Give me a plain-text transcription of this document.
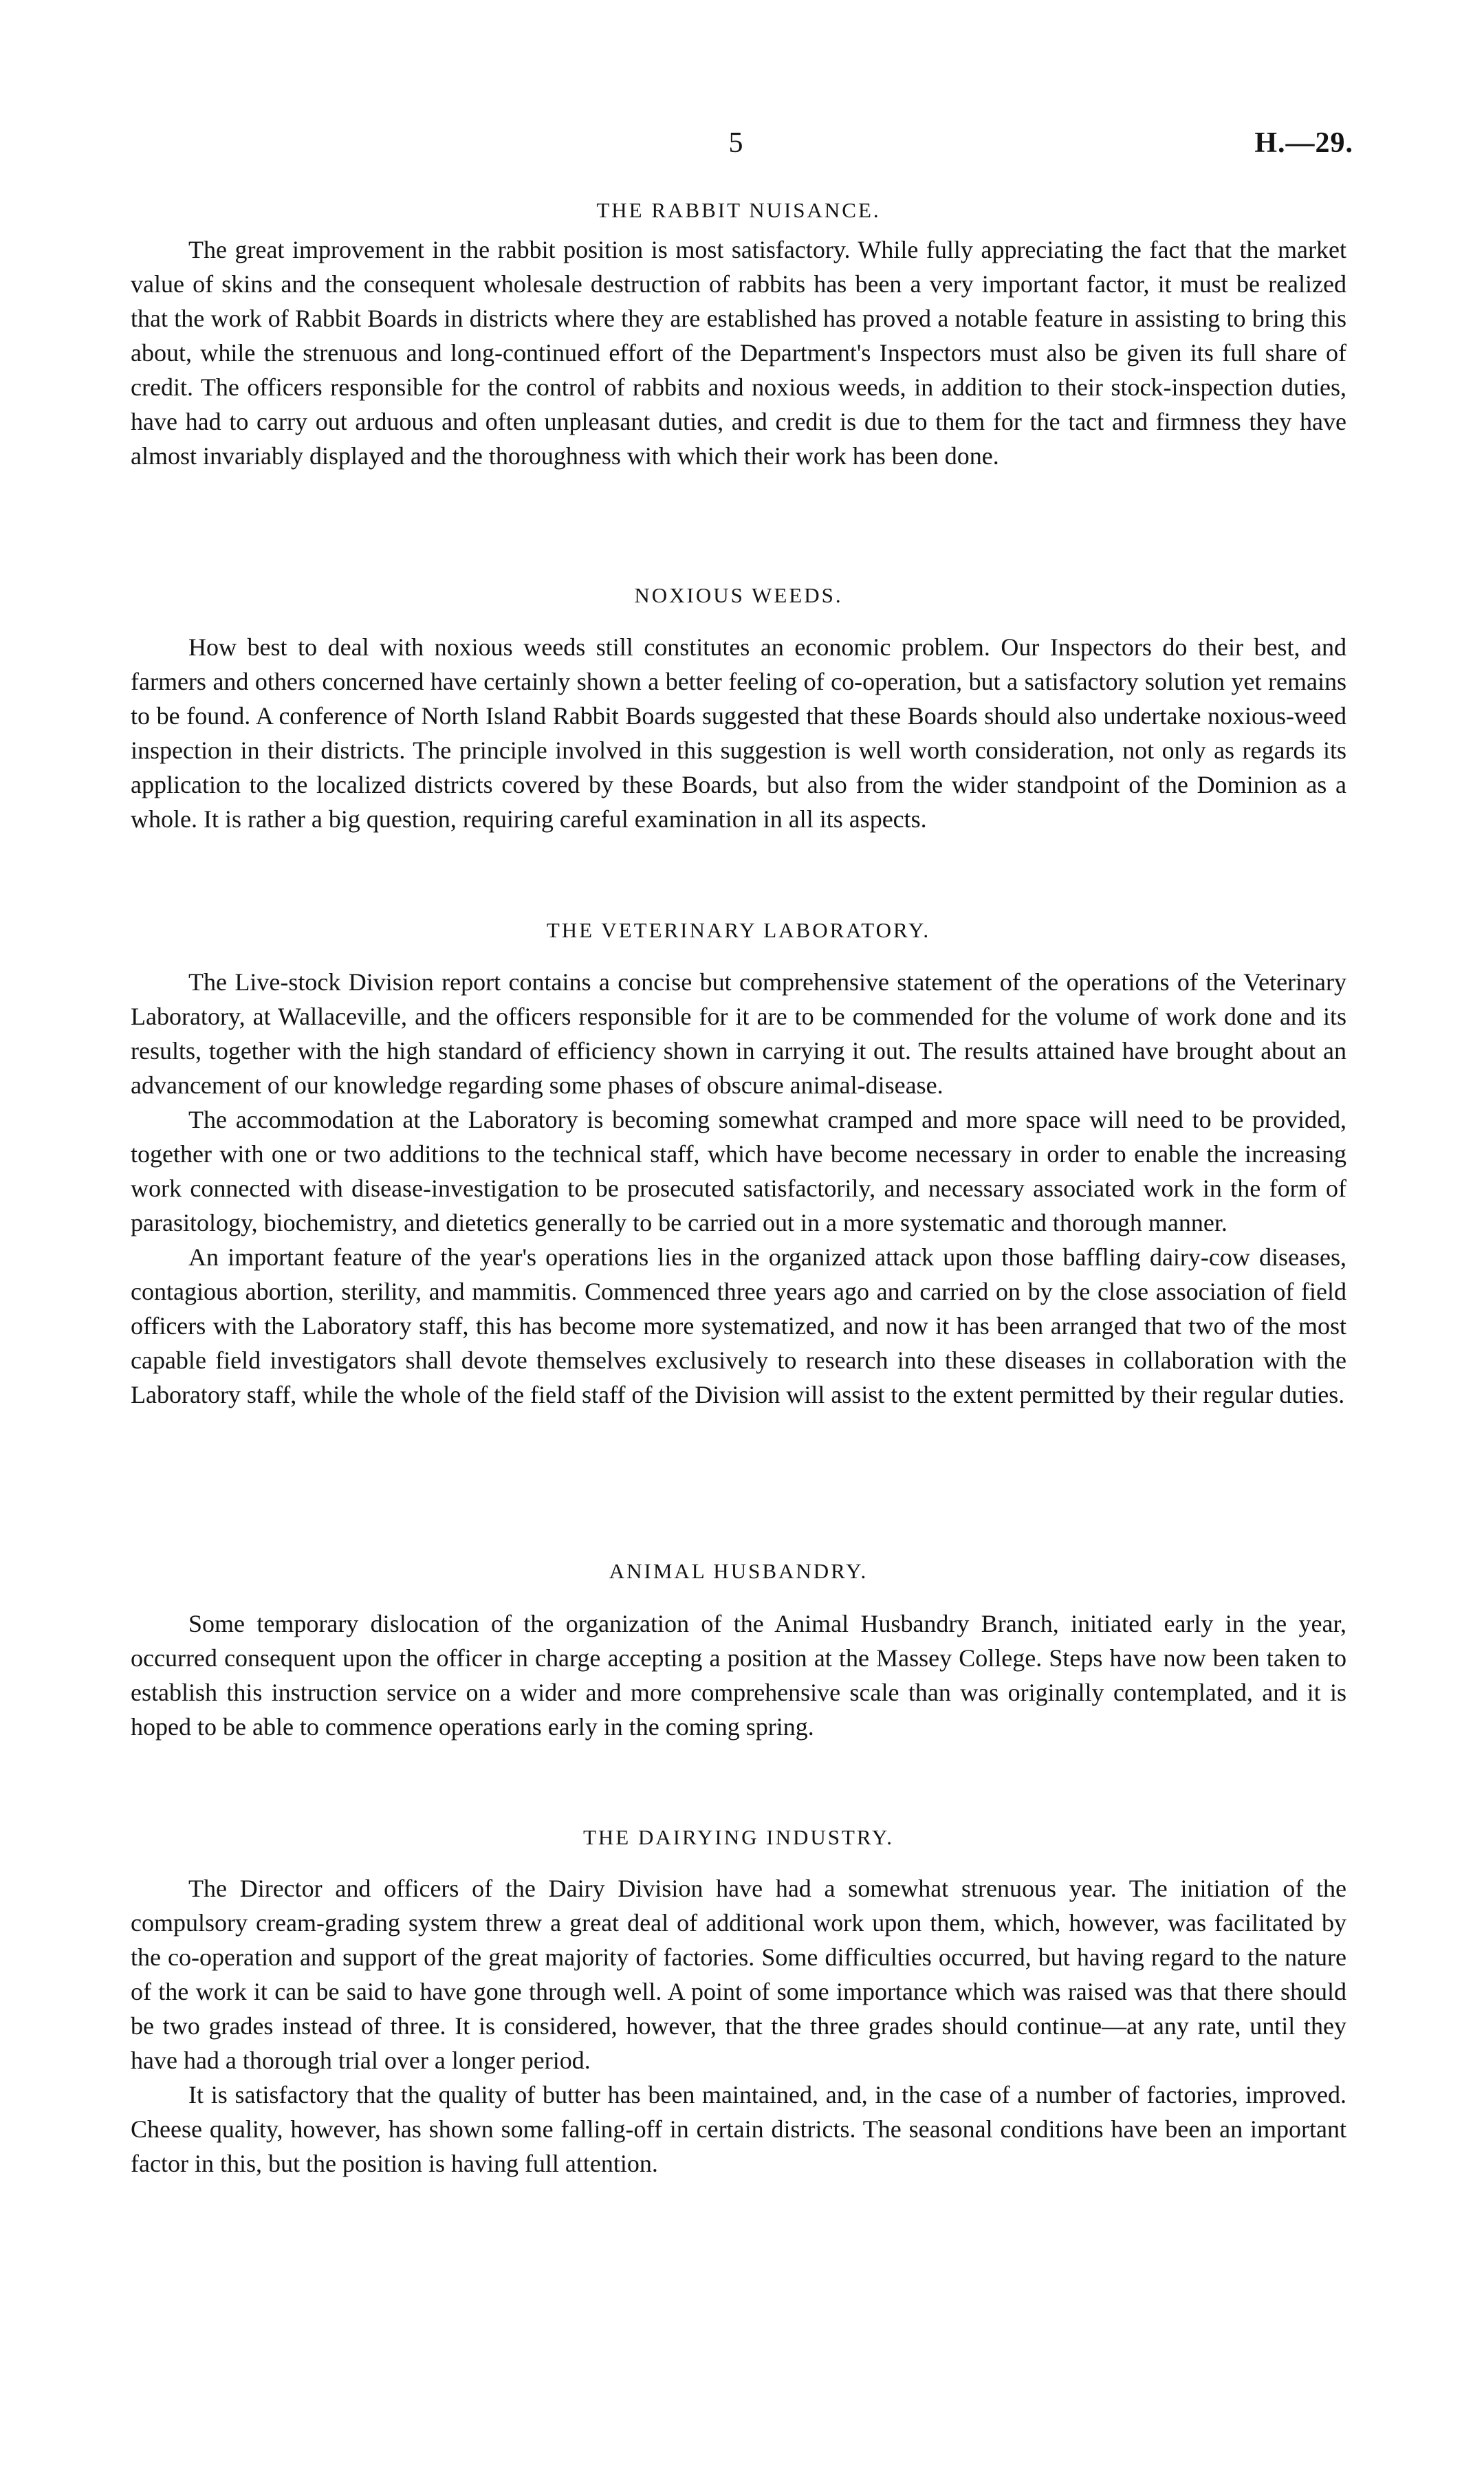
5	H.—29.
THE RABBIT NUISANCE.

The great improvement in the rabbit position is most satisfactory. While fully appreciating the fact that the market value of skins and the consequent wholesale destruction of rabbits has been a very important factor, it must be realized that the work of Rabbit Boards in districts where they are established has proved a notable feature in assisting to bring this about, while the strenuous and long-continued effort of the Department's Inspectors must also be given its full share of credit. The officers responsible for the control of rabbits and noxious weeds, in addition to their stock-inspection duties, have had to carry out arduous and often unpleasant duties, and credit is due to them for the tact and firmness they have almost invariably displayed and the thoroughness with which their work has been done.

NOXIOUS WEEDS.

How best to deal with noxious weeds still constitutes an economic problem. Our Inspectors do their best, and farmers and others concerned have certainly shown a better feeling of co-operation, but a satisfactory solution yet remains to be found. A conference of North Island Rabbit Boards suggested that these Boards should also undertake noxious-weed inspection in their districts. The principle involved in this suggestion is well worth consideration, not only as regards its application to the localized districts covered by these Boards, but also from the wider standpoint of the Dominion as a whole. It is rather a big question, requiring careful examination in all its aspects.

THE VETERINARY LABORATORY.

The Live-stock Division report contains a concise but comprehensive statement of the operations of the Veterinary Laboratory, at Wallaceville, and the officers responsible for it are to be commended for the volume of work done and its results, together with the high standard of efficiency shown in carrying it out. The results attained have brought about an advancement of our knowledge regarding some phases of obscure animal-disease.

The accommodation at the Laboratory is becoming somewhat cramped and more space will need to be provided, together with one or two additions to the technical staff, which have become necessary in order to enable the increasing work connected with disease-investigation to be prosecuted satisfactorily, and necessary associated work in the form of parasitology, biochemistry, and dietetics generally to be carried out in a more systematic and thorough manner.

An important feature of the year's operations lies in the organized attack upon those baffling dairy-cow diseases, contagious abortion, sterility, and mammitis. Commenced three years ago and carried on by the close association of field officers with the Laboratory staff, this has become more systematized, and now it has been arranged that two of the most capable field investigators shall devote themselves exclusively to research into these diseases in collaboration with the Laboratory staff, while the whole of the field staff of the Division will assist to the extent permitted by their regular duties.

ANIMAL HUSBANDRY.

Some temporary dislocation of the organization of the Animal Husbandry Branch, initiated early in the year, occurred consequent upon the officer in charge accepting a position at the Massey College. Steps have now been taken to establish this instruction service on a wider and more comprehensive scale than was originally contemplated, and it is hoped to be able to commence operations early in the coming spring.

THE DAIRYING INDUSTRY.

The Director and officers of the Dairy Division have had a somewhat strenuous year. The initiation of the compulsory cream-grading system threw a great deal of additional work upon them, which, however, was facilitated by the co-operation and support of the great majority of factories. Some difficulties occurred, but having regard to the nature of the work it can be said to have gone through well. A point of some importance which was raised was that there should be two grades instead of three. It is considered, however, that the three grades should continue—at any rate, until they have had a thorough trial over a longer period.

It is satisfactory that the quality of butter has been maintained, and, in the case of a number of factories, improved. Cheese quality, however, has shown some falling-off in certain districts. The seasonal conditions have been an important factor in this, but the position is having full attention.
